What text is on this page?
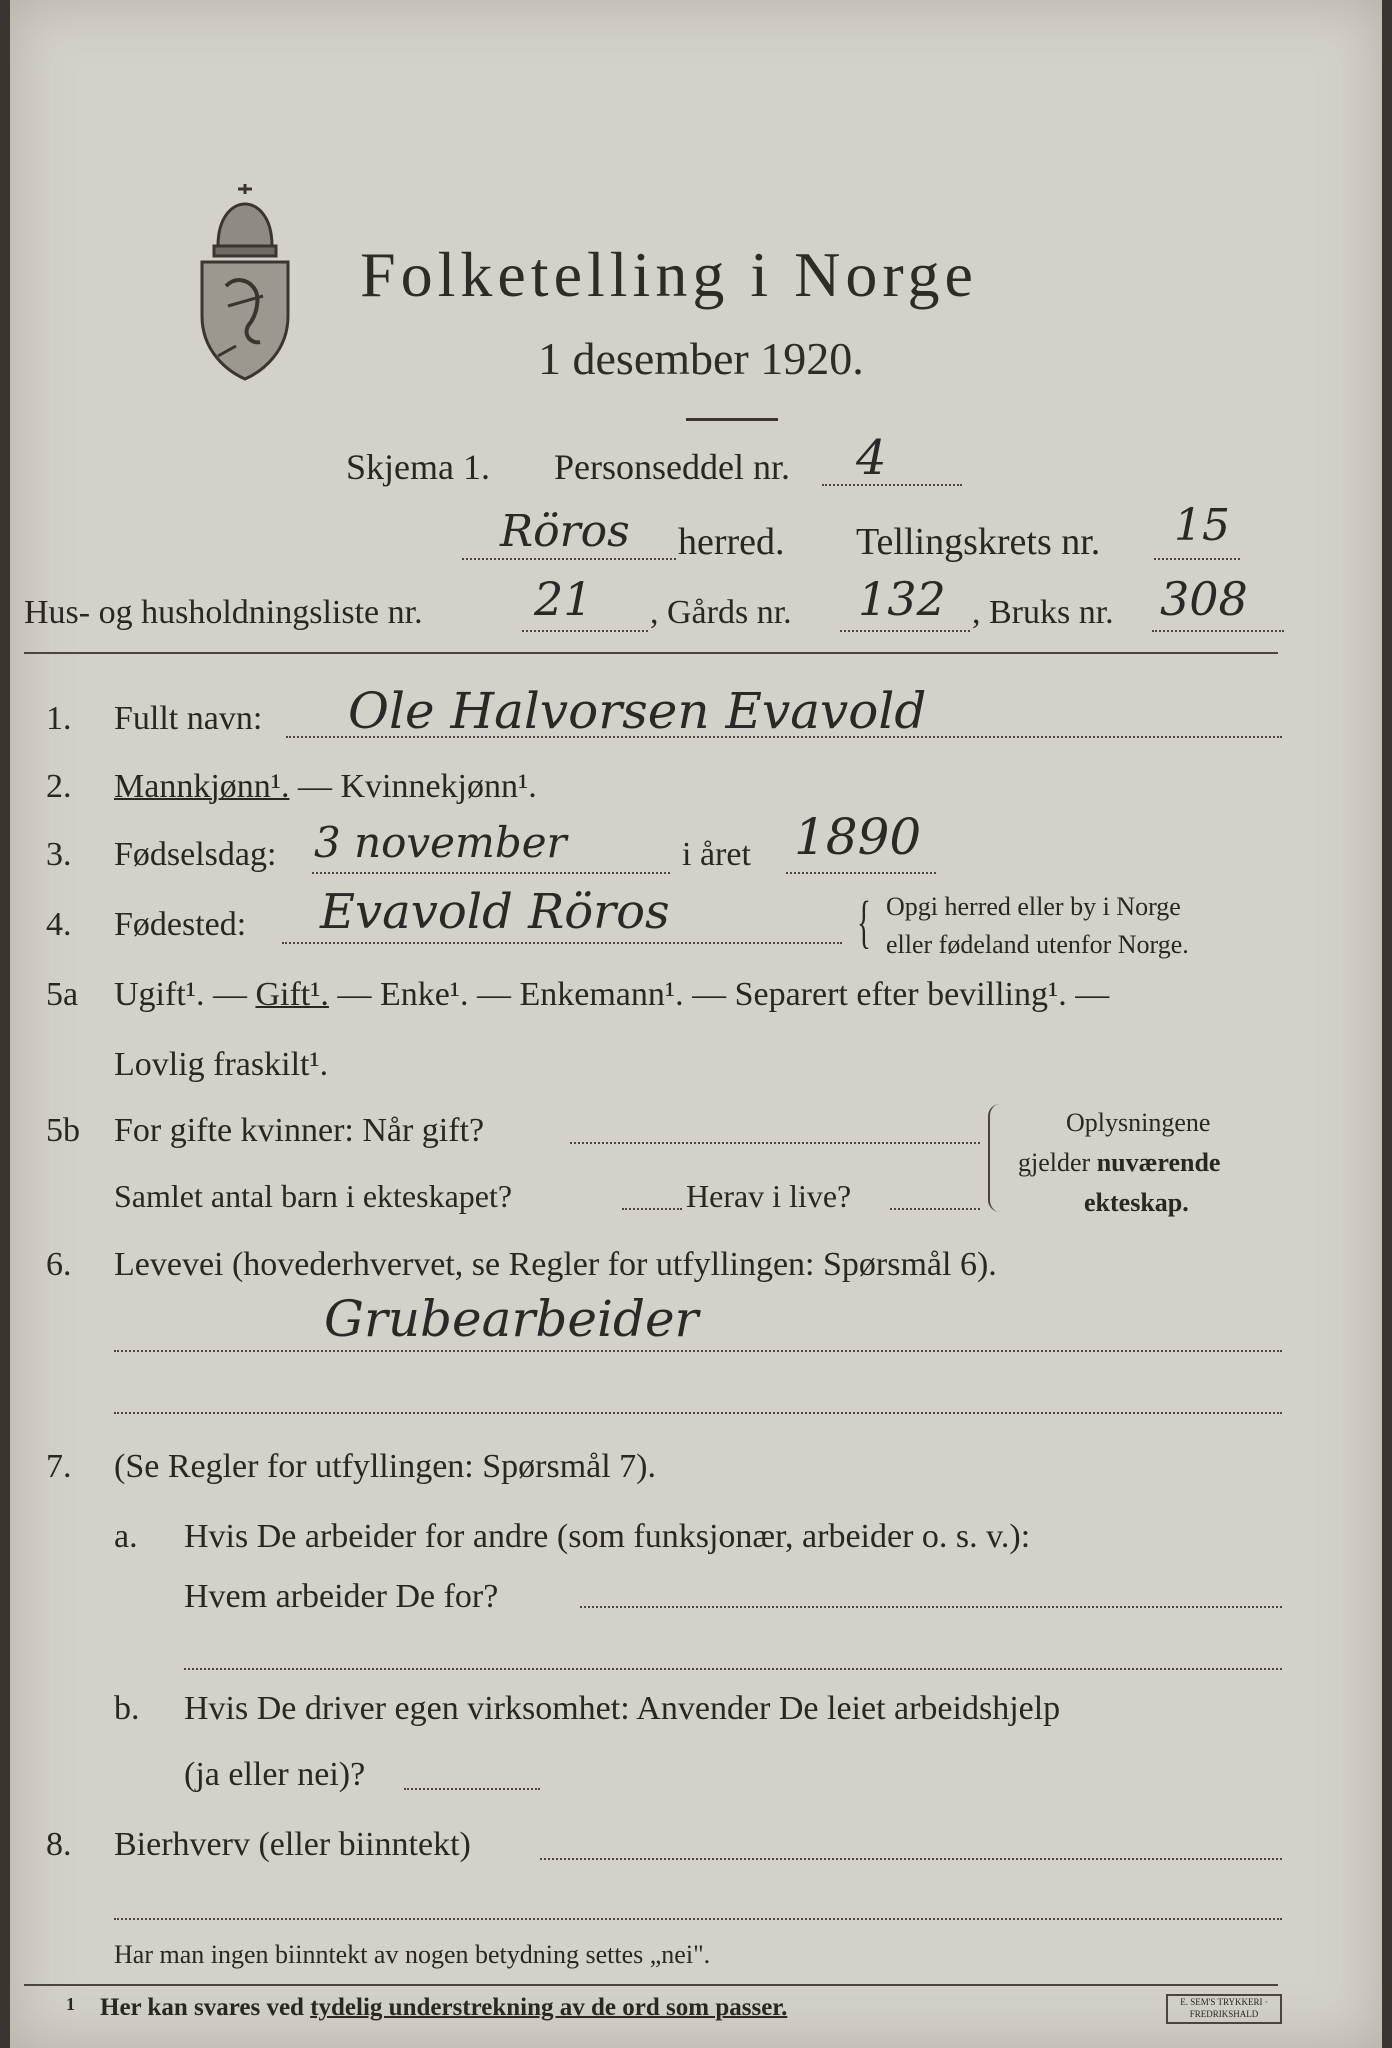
Folketelling i Norge
1 desember 1920.
Skjema 1. Personseddel nr. 4
Röros herred. Tellingskrets nr. 15
Hus- og husholdningsliste nr. 21 , Gårds nr. 132 , Bruks nr. 308
1. Fullt navn: Ole Halvorsen Evavold
2. Mannkjønn¹. — Kvinnekjønn¹.
3. Fødselsdag: 3 november	i året 1890
4. Fødested: Evavold Röros	{ Opgi herred eller by i Norge
eller fødeland utenfor Norge.
5a Ugift¹. — Gift¹. — Enke¹. — Enkemann¹. — Separert efter bevilling¹. —
Lovlig fraskilt¹.
5b For gifte kvinner: Når gift?
Samlet antal barn i ekteskapet?	Herav i live?
Oplysningene
gjelder nuværende
ekteskap.
6. Levevei (hovederhvervet, se Regler for utfyllingen: Spørsmål 6).
Grubearbeider
7. (Se Regler for utfyllingen: Spørsmål 7).
a. Hvis De arbeider for andre (som funksjonær, arbeider o. s. v.):
Hvem arbeider De for?
b. Hvis De driver egen virksomhet: Anvender De leiet arbeidshjelp
(ja eller nei)?
8. Bierhverv (eller biinntekt)
Har man ingen biinntekt av nogen betydning settes „nei".
1 Her kan svares ved tydelig understrekning av de ord som passer.	E. SEM'S TRYKKERI · FREDRIKSHALD
